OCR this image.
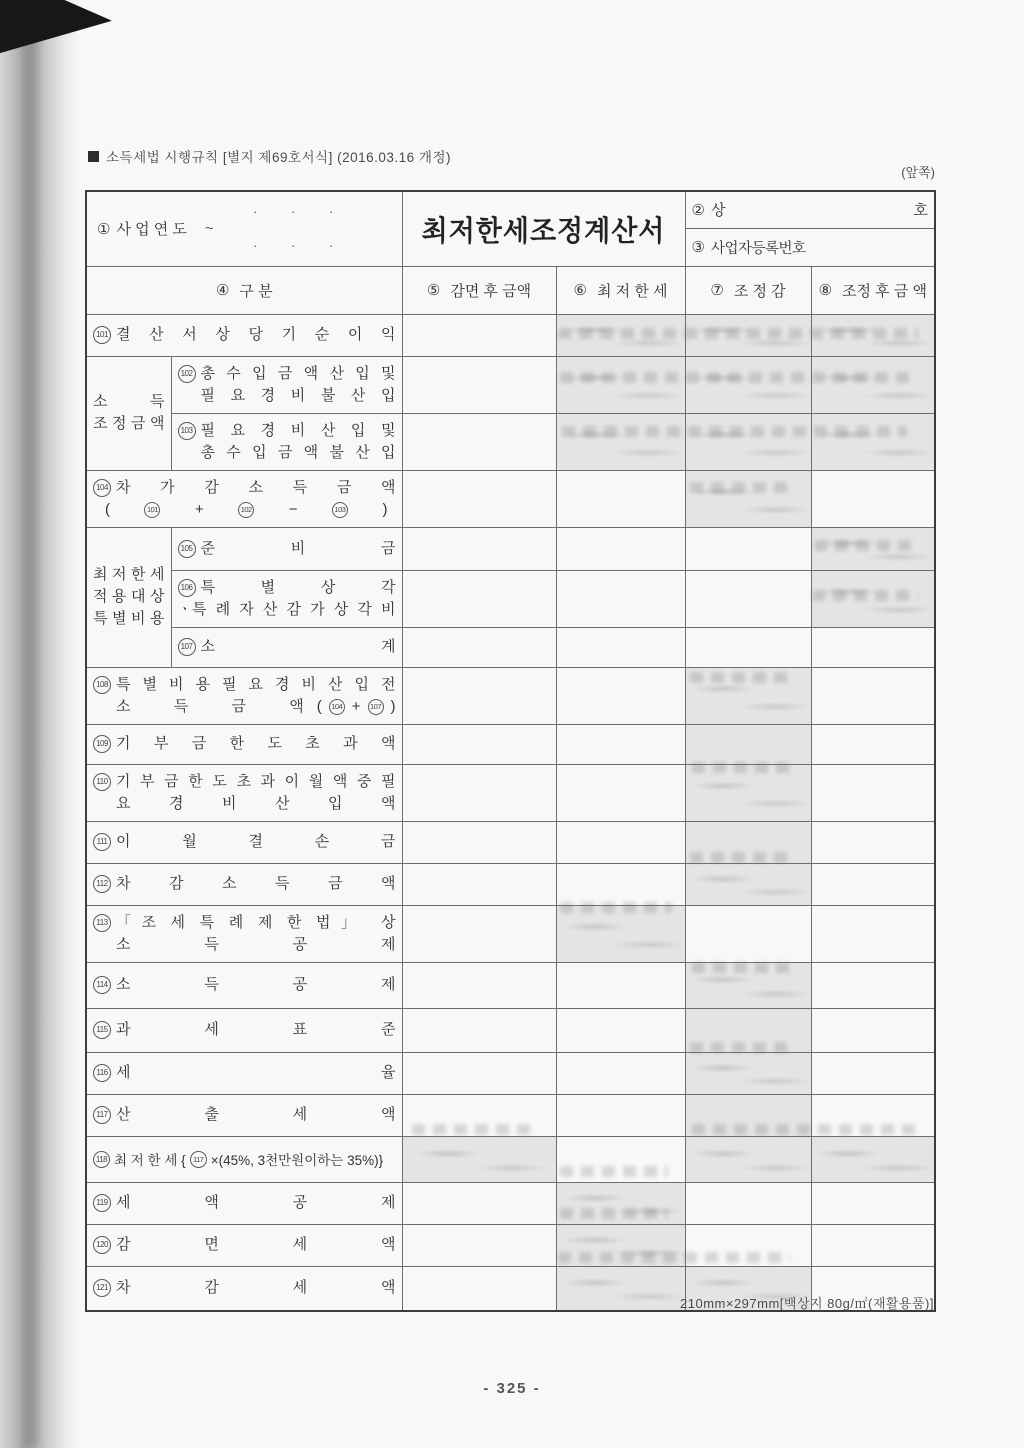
소득세법 시행규칙 [별지 제69호서식] (2016.03.16 개정)
(앞쪽)
① 사 업 연 도
· · ·
~
· · ·	최저한세조정계산서

② 상 호

				③ 사업자등록번호	

④ 구 분		⑤ 감면 후 금액	⑥ 최 저 한 세	⑦ 조 정 감	⑧ 조정 후 금 액

101 결 산 서 상 당 기 순 이 익					

소 득
조 정 금 액

102 총 수 입 금 액 산 입 및
필 요 경 비 불 산 입

103 필 요 경 비 산 입 및
총 수 입 금 액 불 산 입				

104 차 가 감 소 득 금 액
(	101 +	102 −	103 )

최 저 한 세
적 용 대 상
특 별 비 용	105 준 비 금				

106 특 별 상 각
ㆍ특 례 자 산 감 가 상 각 비				

107 소 계				

108 특 별 비 용 필 요 경 비 산 입 전
소 득 금 액 (	104 +	107 )

109 기 부 금 한 도 초 과 액					

110 기 부 금 한 도 초 과 이 월 액 중 필
요 경 비 산 입 액					

111 이 월 결 손 금					

112 차 감 소 득 금 액					

113 「조 세 특 례 제 한 법」 상
소 득 공 제					

114 소 득 공 제					

115 과 세 표 준					

116 세 율					

117 산 출 세 액					

118 최 저 한 세 { 117 ×(45%, 3천만원이하는 35%)}					

119 세 액 공 제					

120 감 면 세 액					

121 차 감 세 액					

210mm×297mm[백상지 80g/㎡(재활용품)]
- 325 -
